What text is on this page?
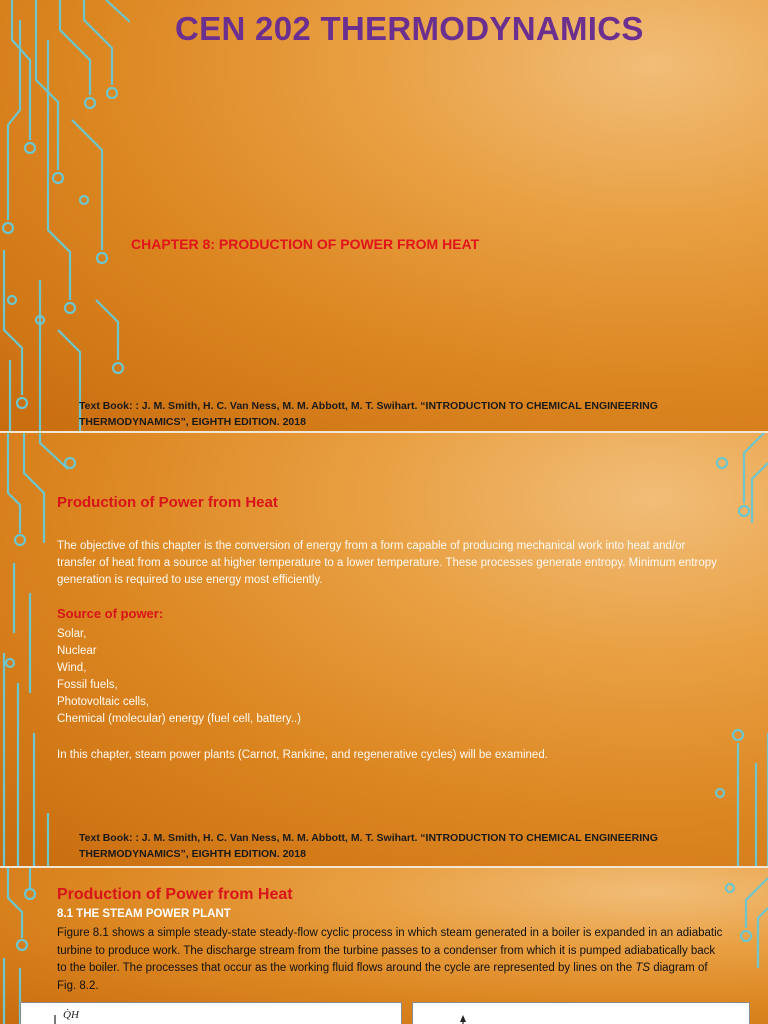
CEN 202 THERMODYNAMICS

CHAPTER 8: PRODUCTION OF POWER FROM HEAT

Text Book: : J. M. Smith, H. C. Van Ness, M. M. Abbott, M. T. Swihart. “INTRODUCTION TO CHEMICAL ENGINEERING
THERMODYNAMICS”, EIGHTH EDITION. 2018
Production of Power from Heat

The objective of this chapter is the conversion of energy from a form capable of producing mechanical work into heat and/or transfer of heat from a source at higher temperature to a lower temperature. These processes generate entropy. Minimum entropy generation is required to use energy most efficiently.

Source of power:

Solar,
Nuclear
Wind,
Fossil fuels,
Photovoltaic cells,
Chemical (molecular) energy (fuel cell, battery..)

In this chapter, steam power plants (Carnot, Rankine, and regenerative cycles) will be examined.

Text Book: : J. M. Smith, H. C. Van Ness, M. M. Abbott, M. T. Swihart. “INTRODUCTION TO CHEMICAL ENGINEERING
THERMODYNAMICS”, EIGHTH EDITION. 2018
Production of Power from Heat

8.1 THE STEAM POWER PLANT

Figure 8.1 shows a simple steady-state steady-flow cyclic process in which steam generated in a boiler is expanded in an adiabatic turbine to produce work. The discharge stream from the turbine passes to a condenser from which it is pumped adiabatically back to the boiler. The processes that occur as the working fluid flows around the cycle are represented by lines on the TS diagram of Fig. 8.2.

Q̇H
